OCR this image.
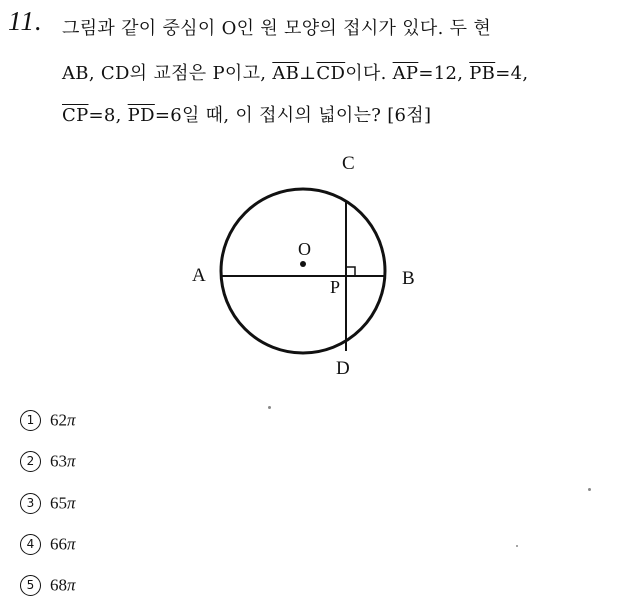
11. 그림과 같이 중심이 O인 원 모양의 접시가 있다. 두 현
AB, CD의 교점은 P이고, $\overline{AB}\perp\overline{CD}$이다. $\overline{AP}=12$, $\overline{PB}=4$,
$\overline{CP}=8$, $\overline{PD}=6$일 때, 이 접시의 넓이는? [6점]
O
A	B
C
D
P
1 62π
2 63π
3 65π
4 66π
5 68π
